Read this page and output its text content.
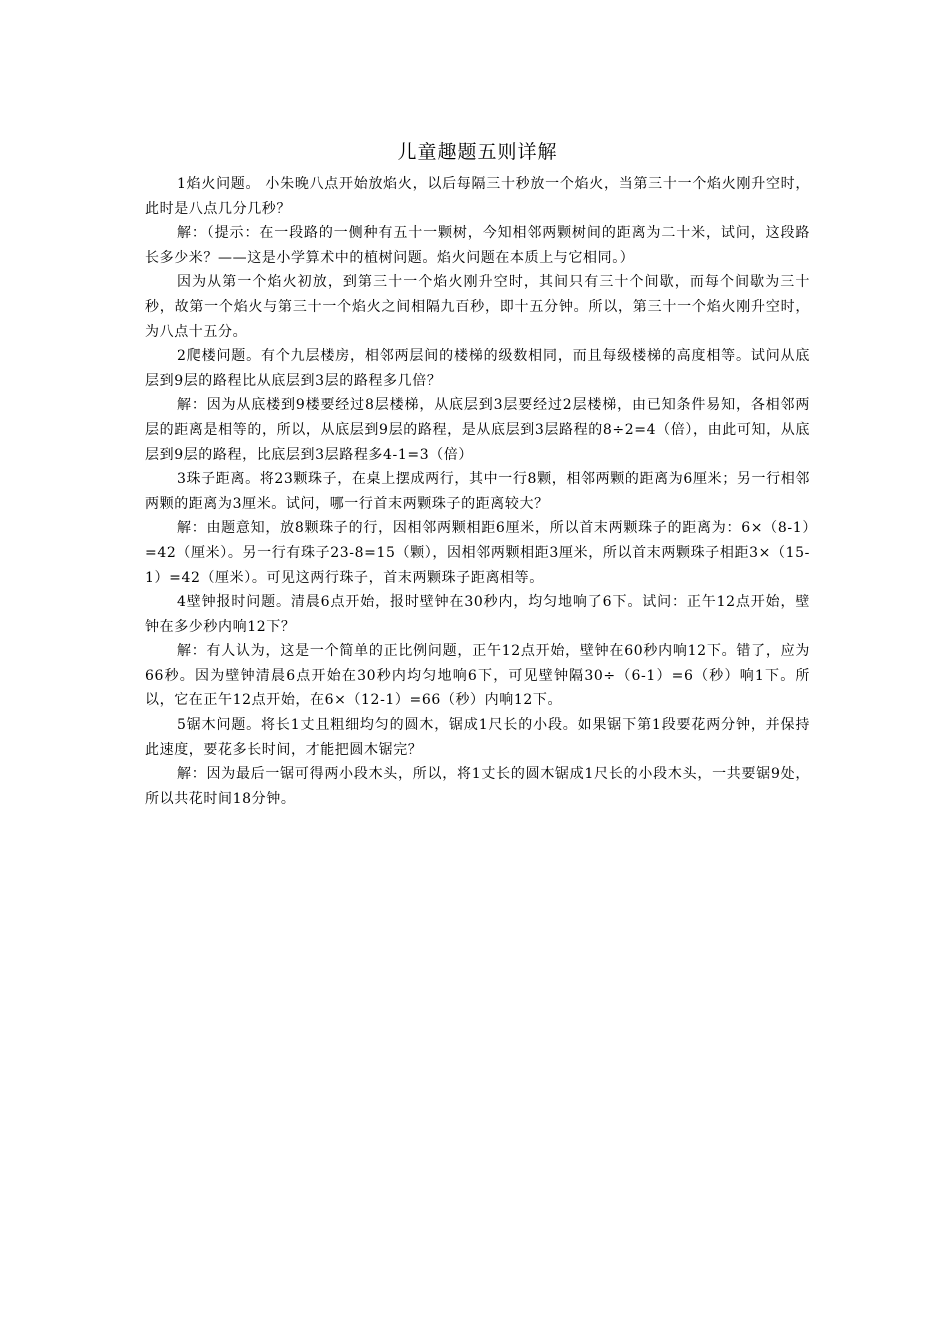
儿童趣题五则详解

1焰火问题。 小朱晚八点开始放焰火，以后每隔三十秒放一个焰火，当第三十一个焰火刚升空时，此时是八点几分几秒？

解：（提示：在一段路的一侧种有五十一颗树，今知相邻两颗树间的距离为二十米，试问，这段路长多少米？——这是小学算术中的植树问题。焰火问题在本质上与它相同。）

因为从第一个焰火初放，到第三十一个焰火刚升空时，其间只有三十个间歇，而每个间歇为三十秒，故第一个焰火与第三十一个焰火之间相隔九百秒，即十五分钟。所以，第三十一个焰火刚升空时，为八点十五分。

2爬楼问题。有个九层楼房，相邻两层间的楼梯的级数相同，而且每级楼梯的高度相等。试问从底层到9层的路程比从底层到3层的路程多几倍？

解：因为从底楼到9楼要经过8层楼梯，从底层到3层要经过2层楼梯，由已知条件易知，各相邻两层的距离是相等的，所以，从底层到9层的路程，是从底层到3层路程的8÷2=4（倍），由此可知，从底层到9层的路程，比底层到3层路程多4-1=3（倍）

3珠子距离。将23颗珠子，在桌上摆成两行，其中一行8颗，相邻两颗的距离为6厘米；另一行相邻两颗的距离为3厘米。试问，哪一行首末两颗珠子的距离较大？

解：由题意知，放8颗珠子的行，因相邻两颗相距6厘米，所以首末两颗珠子的距离为：6×（8-1）=42（厘米）。另一行有珠子23-8=15（颗），因相邻两颗相距3厘米，所以首末两颗珠子相距3×（15-1）=42（厘米）。可见这两行珠子，首末两颗珠子距离相等。

4壁钟报时问题。清晨6点开始，报时壁钟在30秒内，均匀地响了6下。试问：正午12点开始，壁钟在多少秒内响12下？

解：有人认为，这是一个简单的正比例问题，正午12点开始，壁钟在60秒内响12下。错了，应为66秒。因为壁钟清晨6点开始在30秒内均匀地响6下，可见壁钟隔30÷（6-1）=6（秒）响1下。所以，它在正午12点开始，在6×（12-1）=66（秒）内响12下。

5锯木问题。将长1丈且粗细均匀的圆木，锯成1尺长的小段。如果锯下第1段要花两分钟，并保持此速度，要花多长时间，才能把圆木锯完？

解：因为最后一锯可得两小段木头，所以，将1丈长的圆木锯成1尺长的小段木头，一共要锯9处，所以共花时间18分钟。
